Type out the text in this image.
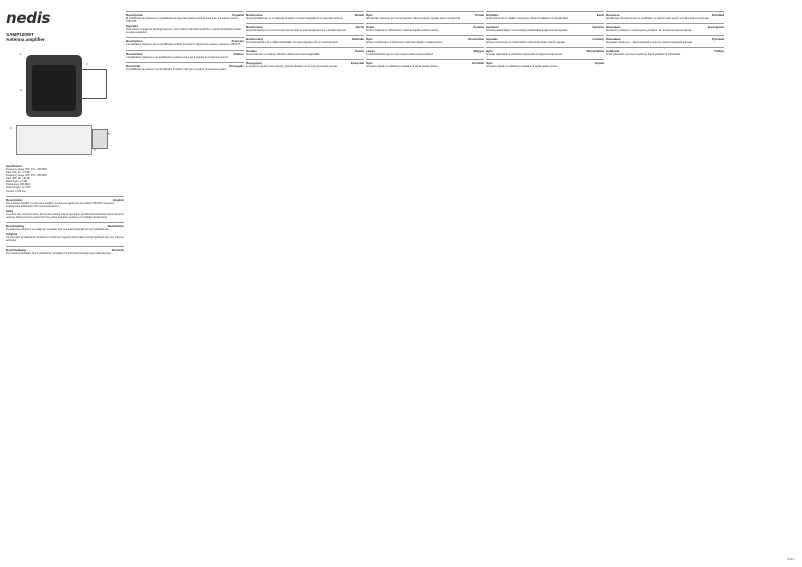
nedis
SAMP100WT
Antenna amplifier
1
2
3
4
5
6
Specifications

Frequency range VHF: 174 – 230 MHz

Gain VHF: 24 – 27 dB

Frequency range UHF: 470 – 862 MHz

Gain UHF: 35 – 38 dB

Noise figure: ≤ 3 dB

Output level: 100 dBµV

Power supply: 12 V DC

Current: ≤ 100 mA

Description	English

The antenna amplifier is a low noise amplifier, an antenna signal from an outdoor UHF/VHF antenna is amplified and distributed to the connected devices.

Safety

To reduce risk of electric shock, this product should only be opened by an authorized technician when service is required. Disconnect the product from the mains and other equipment if a problem should occur.

Beschrijving	Nederlands

De antenneversterker is een laag-ruis versterker voor een antennesignaal van een buitenantenne.

Veiligheid

Om het risico op elektrische schokken te voorkomen mag dit product alleen worden geopend door een erkende technicus.

Beschreibung	Deutsch

Der Antennenverstärker ist ein rauscharmer Verstärker für das Antennensignal einer Außenantenne.

Descripción	Español

El amplificador de antena es un amplificador de bajo ruido para la señal de antena de una antena exterior UHF/VHF.

Seguridad

Para reducir el riesgo de descarga eléctrica, este producto sólo debería abrirlo un técnico autorizado cuando necesite reparación.

Description	Français

L'amplificateur d'antenne est un amplificateur à faible bruit pour le signal d'une antenne extérieure UHF/VHF.

Descrizione	Italiano

L'amplificatore d'antenna è un amplificatore a basso rumore per il segnale di un'antenna esterna.

Descrição	Português

O amplificador de antena é um amplificador de baixo ruído para o sinal de uma antena exterior.

Beskrivelse	Dansk

Antenneforstærkeren er en støjsvag forstærker af antennesignalet fra en udendørs antenne.

Beskrivelse	Norsk

Antenneforsterkeren er en forsterker med lav støy for antennesignalet fra en utendørs antenne.

Beskrivning	Svenska

Antennförstärkaren är en lågbrusförstärkare för antennsignalen från en utomhusantenn.

Kuvaus	Suomi

Antennivahvistin on hiljainen vahvistin ulkoantennin antennisignaalille.

Περιγραφή	Ελληνικά

Ο ενισχυτής κεραίας είναι ενισχυτής χαμηλού θορύβου για το σήμα εξωτερικής κεραίας.

Opis	Polski

Wzmacniacz antenowy jest wzmacniaczem niskoszumowym sygnału anteny zewnętrznej.

Popis	Čeština

Anténní zesilovač je nízkošumový zesilovač signálu venkovní antény.

Opis	Slovenčina

Anténny zosilňovač je nízkošumový zosilňovač signálu vonkajšej antény.

Leírás	Magyar

Az antennaerősítő egy kis zajú erősítő a kültéri antenna jeléhez.

Opis	Hrvatski

Antensko pojačalo je niskošumno pojačalo za signal vanjske antene.

Kirjeldus	Eesti

Antennivõimendi on madala mürataseme võimendi välisantenni signaali jaoks.

Apraksts	Latviešu

Antenas pastiprinātājs ir zema trokšņa pastiprinātājs ārējās antenas signālam.

Aprašas	Lietuvių

Antenos stiprintuvas yra mažo triukšmo stiprintuvas lauko antenos signalui.

Opis	Slovenščina

Antenski ojačevalnik je nizkošumni ojačevalnik za signal zunanje antene.

Opis	Srpski

Antensko pojačalo je niskošumno pojačalo za signal spoljne antene.

Descriere	Română

Amplificatorul de antenă este un amplificator cu zgomot redus pentru semnalul antenei exterioare.

Описание	Български

Антенният усилвател е нискошумов усилвател за сигнала на външна антена.

Описание	Русский

Антенный усилитель — малошумящий усилитель сигнала наружной антенны.

Açıklama	Türkçe

Anten yükselticisi, dış anten sinyali için düşük gürültülü bir yükselticidir.

2013
